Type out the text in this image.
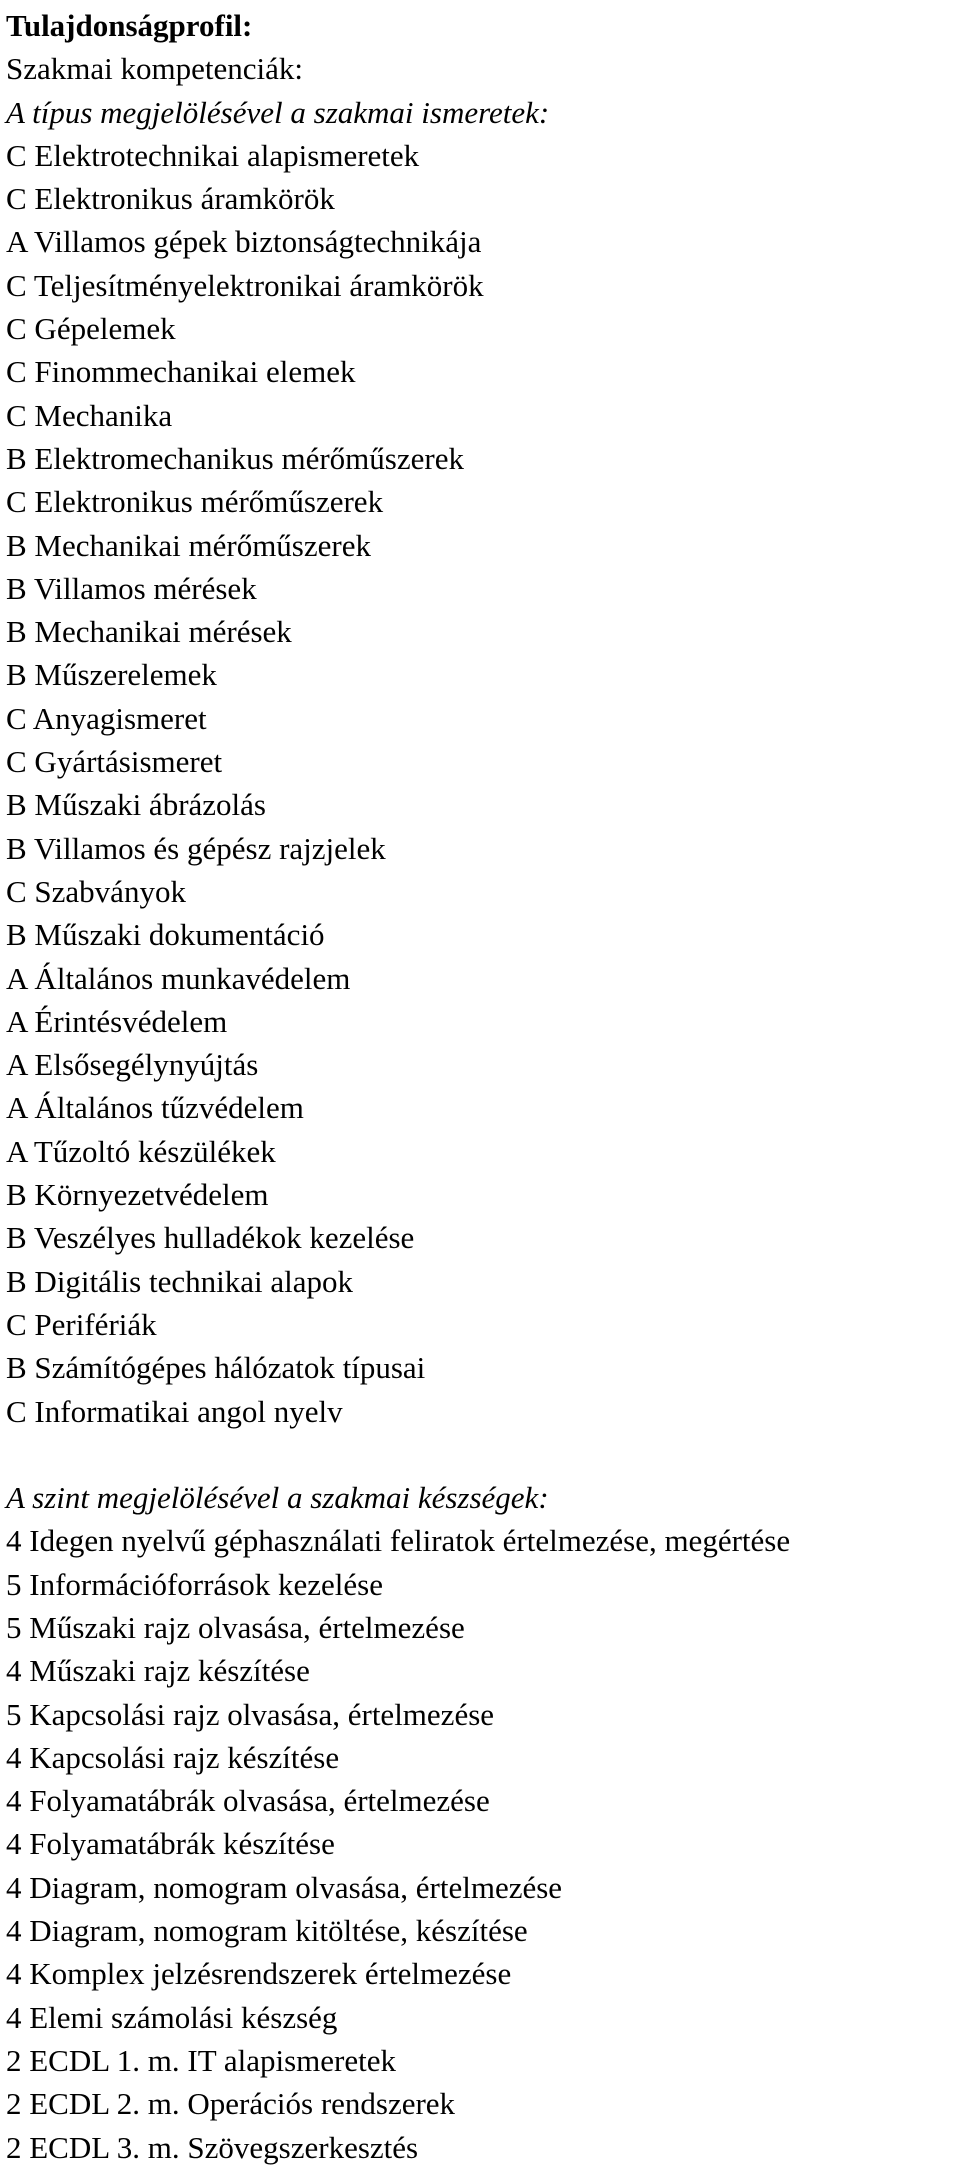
Tulajdonságprofil:
Szakmai kompetenciák:
A típus megjelölésével a szakmai ismeretek:
C Elektrotechnikai alapismeretek
C Elektronikus áramkörök
A Villamos gépek biztonságtechnikája
C Teljesítményelektronikai áramkörök
C Gépelemek
C Finommechanikai elemek
C Mechanika
B Elektromechanikus mérőműszerek
C Elektronikus mérőműszerek
B Mechanikai mérőműszerek
B Villamos mérések
B Mechanikai mérések
B Műszerelemek
C Anyagismeret
C Gyártásismeret
B Műszaki ábrázolás
B Villamos és gépész rajzjelek
C Szabványok
B Műszaki dokumentáció
A Általános munkavédelem
A Érintésvédelem
A Elsősegélynyújtás
A Általános tűzvédelem
A Tűzoltó készülékek
B Környezetvédelem
B Veszélyes hulladékok kezelése
B Digitális technikai alapok
C Perifériák
B Számítógépes hálózatok típusai
C Informatikai angol nyelv
A szint megjelölésével a szakmai készségek:
4 Idegen nyelvű géphasználati feliratok értelmezése, megértése
5 Információforrások kezelése
5 Műszaki rajz olvasása, értelmezése
4 Műszaki rajz készítése
5 Kapcsolási rajz olvasása, értelmezése
4 Kapcsolási rajz készítése
4 Folyamatábrák olvasása, értelmezése
4 Folyamatábrák készítése
4 Diagram, nomogram olvasása, értelmezése
4 Diagram, nomogram kitöltése, készítése
4 Komplex jelzésrendszerek értelmezése
4 Elemi számolási készség
2 ECDL 1. m. IT alapismeretek
2 ECDL 2. m. Operációs rendszerek
2 ECDL 3. m. Szövegszerkesztés
